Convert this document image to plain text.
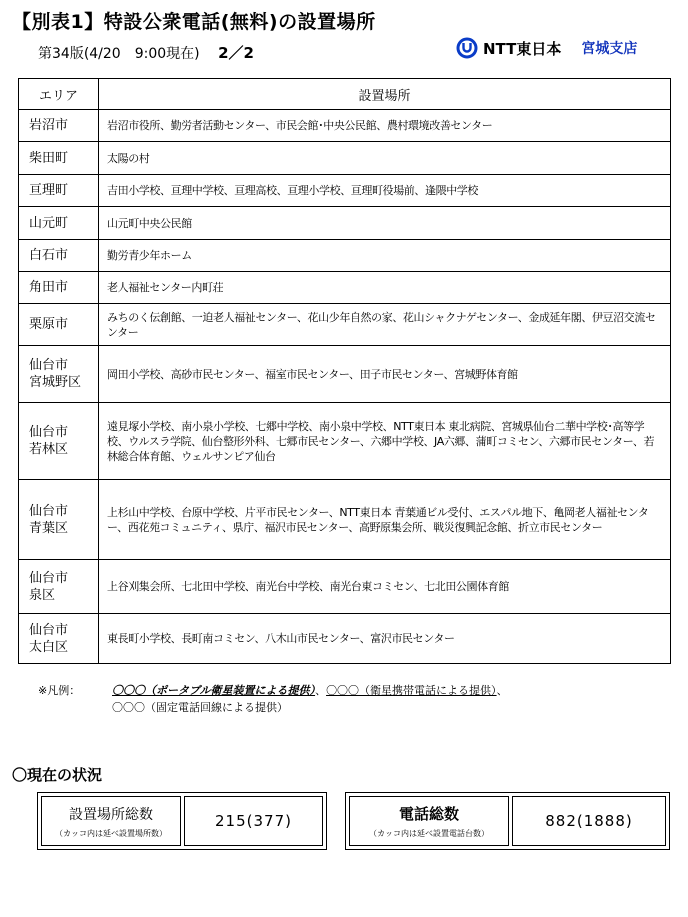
【別表1】特設公衆電話(無料)の設置場所
第34版(4/20　9:00現在) 2／2	NTT東日本 宮城支店
エリア	設置場所
岩沼市	岩沼市役所、勤労者活動センター、市民会館･中央公民館、農村環境改善センター
柴田町	太陽の村
亘理町	吉田小学校、亘理中学校、亘理高校、亘理小学校、亘理町役場前、逢隈中学校
山元町	山元町中央公民館
白石市	勤労青少年ホーム
角田市	老人福祉センター内町荘
栗原市	みちのく伝創館、一迫老人福祉センター、花山少年自然の家、花山シャクナゲセンター、金成延年閣、伊豆沼交流センター
仙台市
宮城野区	岡田小学校、高砂市民センター、福室市民センター、田子市民センター、宮城野体育館
仙台市
若林区	遠見塚小学校、南小泉小学校、七郷中学校、南小泉中学校、NTT東日本 東北病院、宮城県仙台二華中学校･高等学校、ウルスラ学院、仙台整形外科、七郷市民センター、六郷中学校、JA六郷、蒲町コミセン、六郷市民センター、若林総合体育館、ウェルサンピア仙台
仙台市
青葉区	上杉山中学校、台原中学校、片平市民センター、NTT東日本 青葉通ビル受付、エスパル地下、亀岡老人福祉センター、西花苑コミュニティ、県庁、福沢市民センター、高野原集会所、戦災復興記念館、折立市民センター
仙台市
泉区	上谷刈集会所、七北田中学校、南光台中学校、南光台東コミセン、七北田公園体育館
仙台市
太白区	東長町小学校、長町南コミセン、八木山市民センター、富沢市民センター
※凡例：	〇〇〇（ポータブル衛星装置による提供）、〇〇〇（衛星携帯電話による提供）、
〇〇〇（固定電話回線による提供）
〇現在の状況
設置場所総数
（カッコ内は延べ設置場所数）
215(377)	電話総数
（カッコ内は延べ設置電話台数）
882(1888)
